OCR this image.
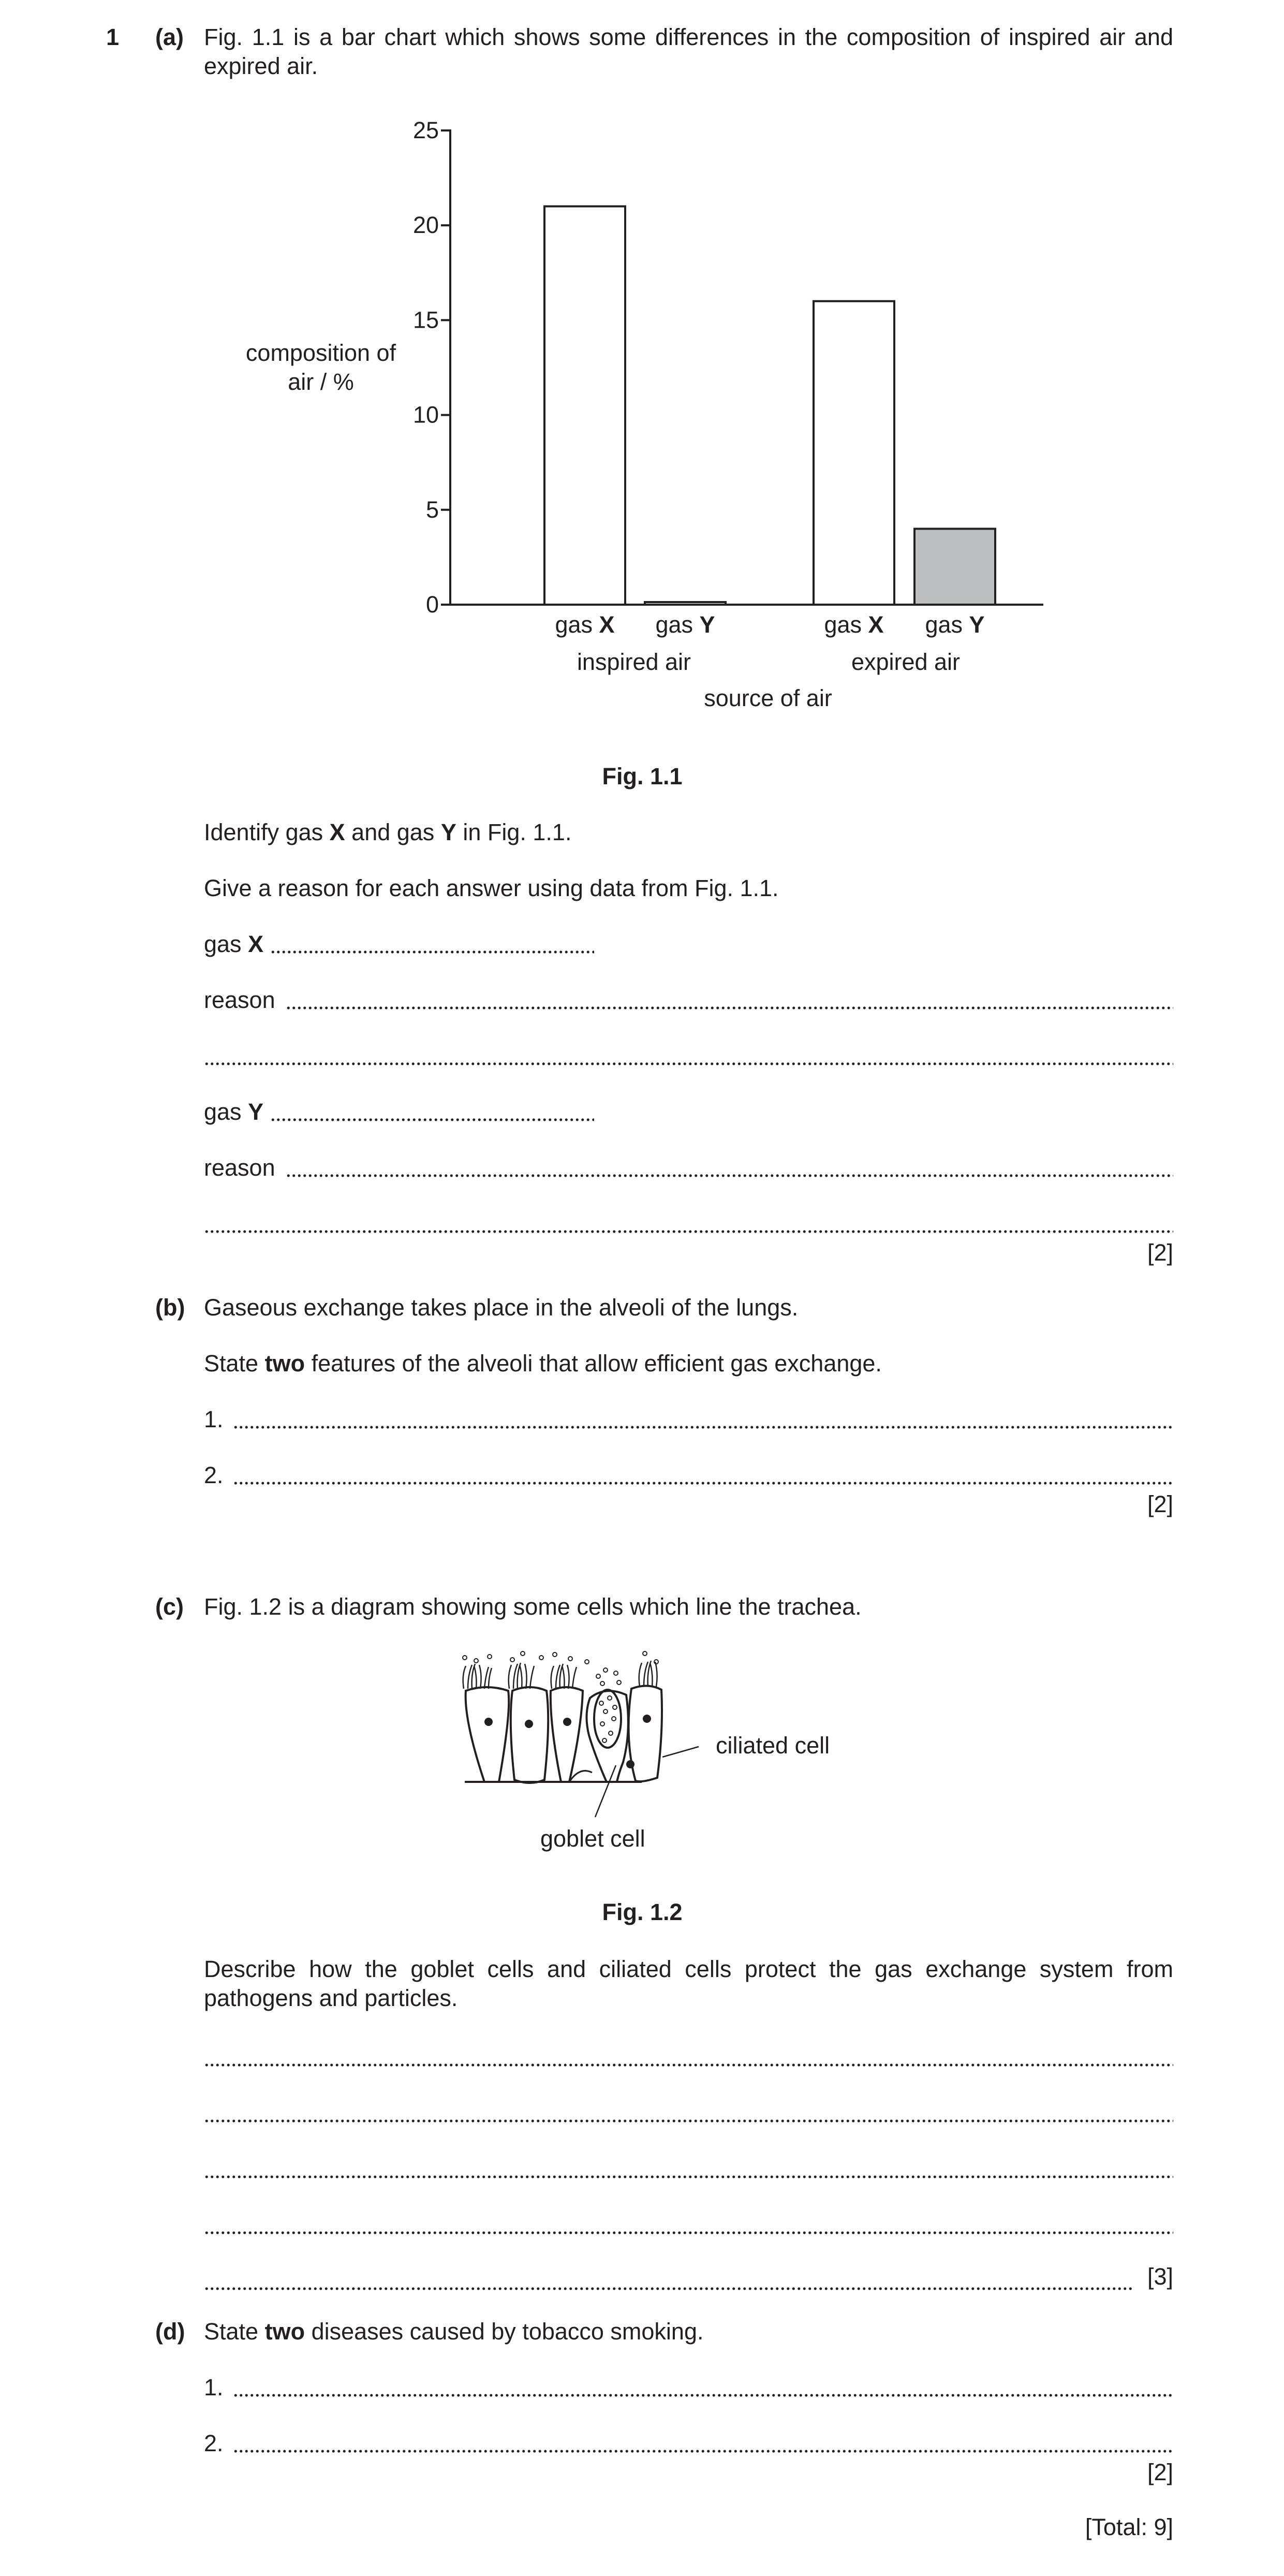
1 (a) Fig. 1.1 is a bar chart which shows some differences in the composition of inspired air and expired air.
0
5
10
15
20
25
gas X gas Y	gas X gas Y
inspired air	expired air
source of air
composition of
air / %
Fig. 1.1
Identify gas X and gas Y in Fig. 1.1.
Give a reason for each answer using data from Fig. 1.1.
gas X
reason
gas Y
reason
[2]
(b) Gaseous exchange takes place in the alveoli of the lungs.
State two features of the alveoli that allow efficient gas exchange.
1.
2.
[2]
(c) Fig. 1.2 is a diagram showing some cells which line the trachea.
ciliated cell
goblet cell
Fig. 1.2
Describe how the goblet cells and ciliated cells protect the gas exchange system from pathogens and particles.
[3]
(d) State two diseases caused by tobacco smoking.
1.
2.
[2]
[Total: 9]
